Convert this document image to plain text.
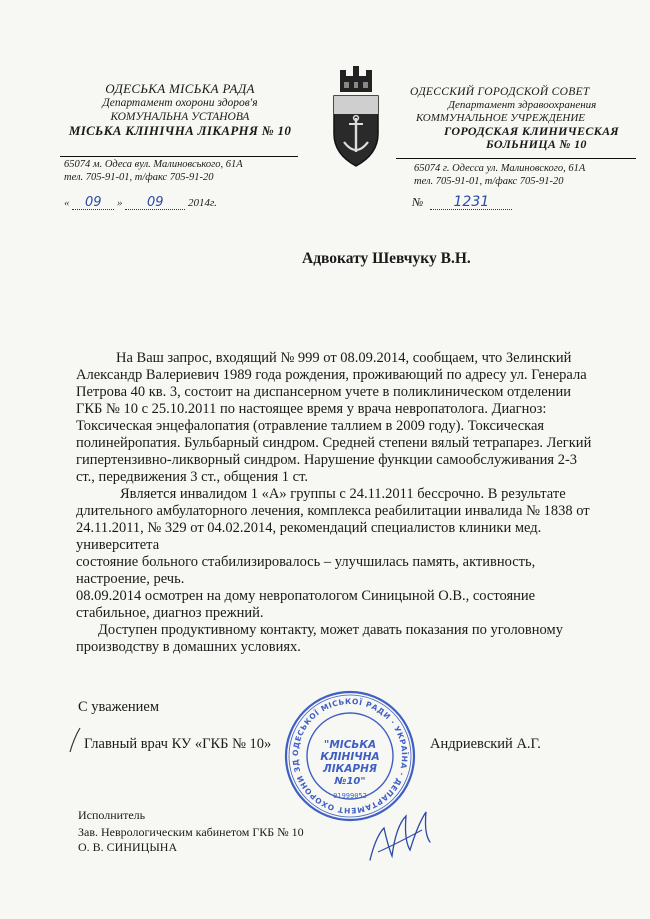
ОДЕСЬКА МІСЬКА РАДА
Департамент охорони здоров'я
КОМУНАЛЬНА УСТАНОВА
МІСЬКА КЛІНІЧНА ЛІКАРНЯ № 10
65074 м. Одеса вул. Малиновського, 61А
тел. 705-91-01, т/факс 705-91-20
« 09 » 09 2014г.
ОДЕССКИЙ ГОРОДСКОЙ СОВЕТ
Департамент здравоохранения
КОММУНАЛЬНОЕ УЧРЕЖДЕНИЕ
ГОРОДСКАЯ КЛИНИЧЕСКАЯ
БОЛЬНИЦА № 10
65074 г. Одесса ул. Малиновского, 61А
тел. 705-91-01, т/факс 705-91-20
№ 1231
Адвокату Шевчуку В.Н.

На Ваш запрос, входящий № 999 от 08.09.2014, сообщаем, что Зелинский

Александр Валериевич 1989 года рождения, проживающий по адресу ул. Генерала

Петрова 40 кв. 3, состоит на диспансерном учете в поликлиническом отделении

ГКБ № 10 с 25.10.2011 по настоящее время у врача невропатолога. Диагноз:

Токсическая энцефалопатия (отравление таллием в 2009 году). Токсическая

полинейропатия. Бульбарный синдром. Средней степени вялый тетрапарез. Легкий

гипертензивно-ликворный синдром. Нарушение функции самообслуживания 2-3

ст., передвижения 3 ст., общения 1 ст.

Является инвалидом 1 «А» группы с 24.11.2011 бессрочно. В результате

длительного амбулаторного лечения, комплекса реабилитации инвалида № 1838 от

24.11.2011, № 329 от 04.02.2014, рекомендаций специалистов клиники мед.

университета

состояние больного стабилизировалось – улучшилась память, активность,

настроение, речь.

08.09.2014 осмотрен на дому невропатологом Синицыной О.В., состояние

стабильное, диагноз прежний.

Доступен продуктивному контакту, может давать показания по уголовному

производству в домашних условиях.

С уважением
Главный врач КУ «ГКБ № 10»	Андриевский А.Г.
ОДЕСЬКОЇ МІСЬКОЇ РАДИ · УКРАЇНА · ДЕПАРТАМЕНТ ОХОРОНИ ЗД
"МІСЬКА
КЛІНІЧНА
ЛІКАРНЯ
№10"
01999052
Исполнитель
Зав. Неврологическим кабинетом ГКБ № 10
О. В. СИНИЦЫНА
